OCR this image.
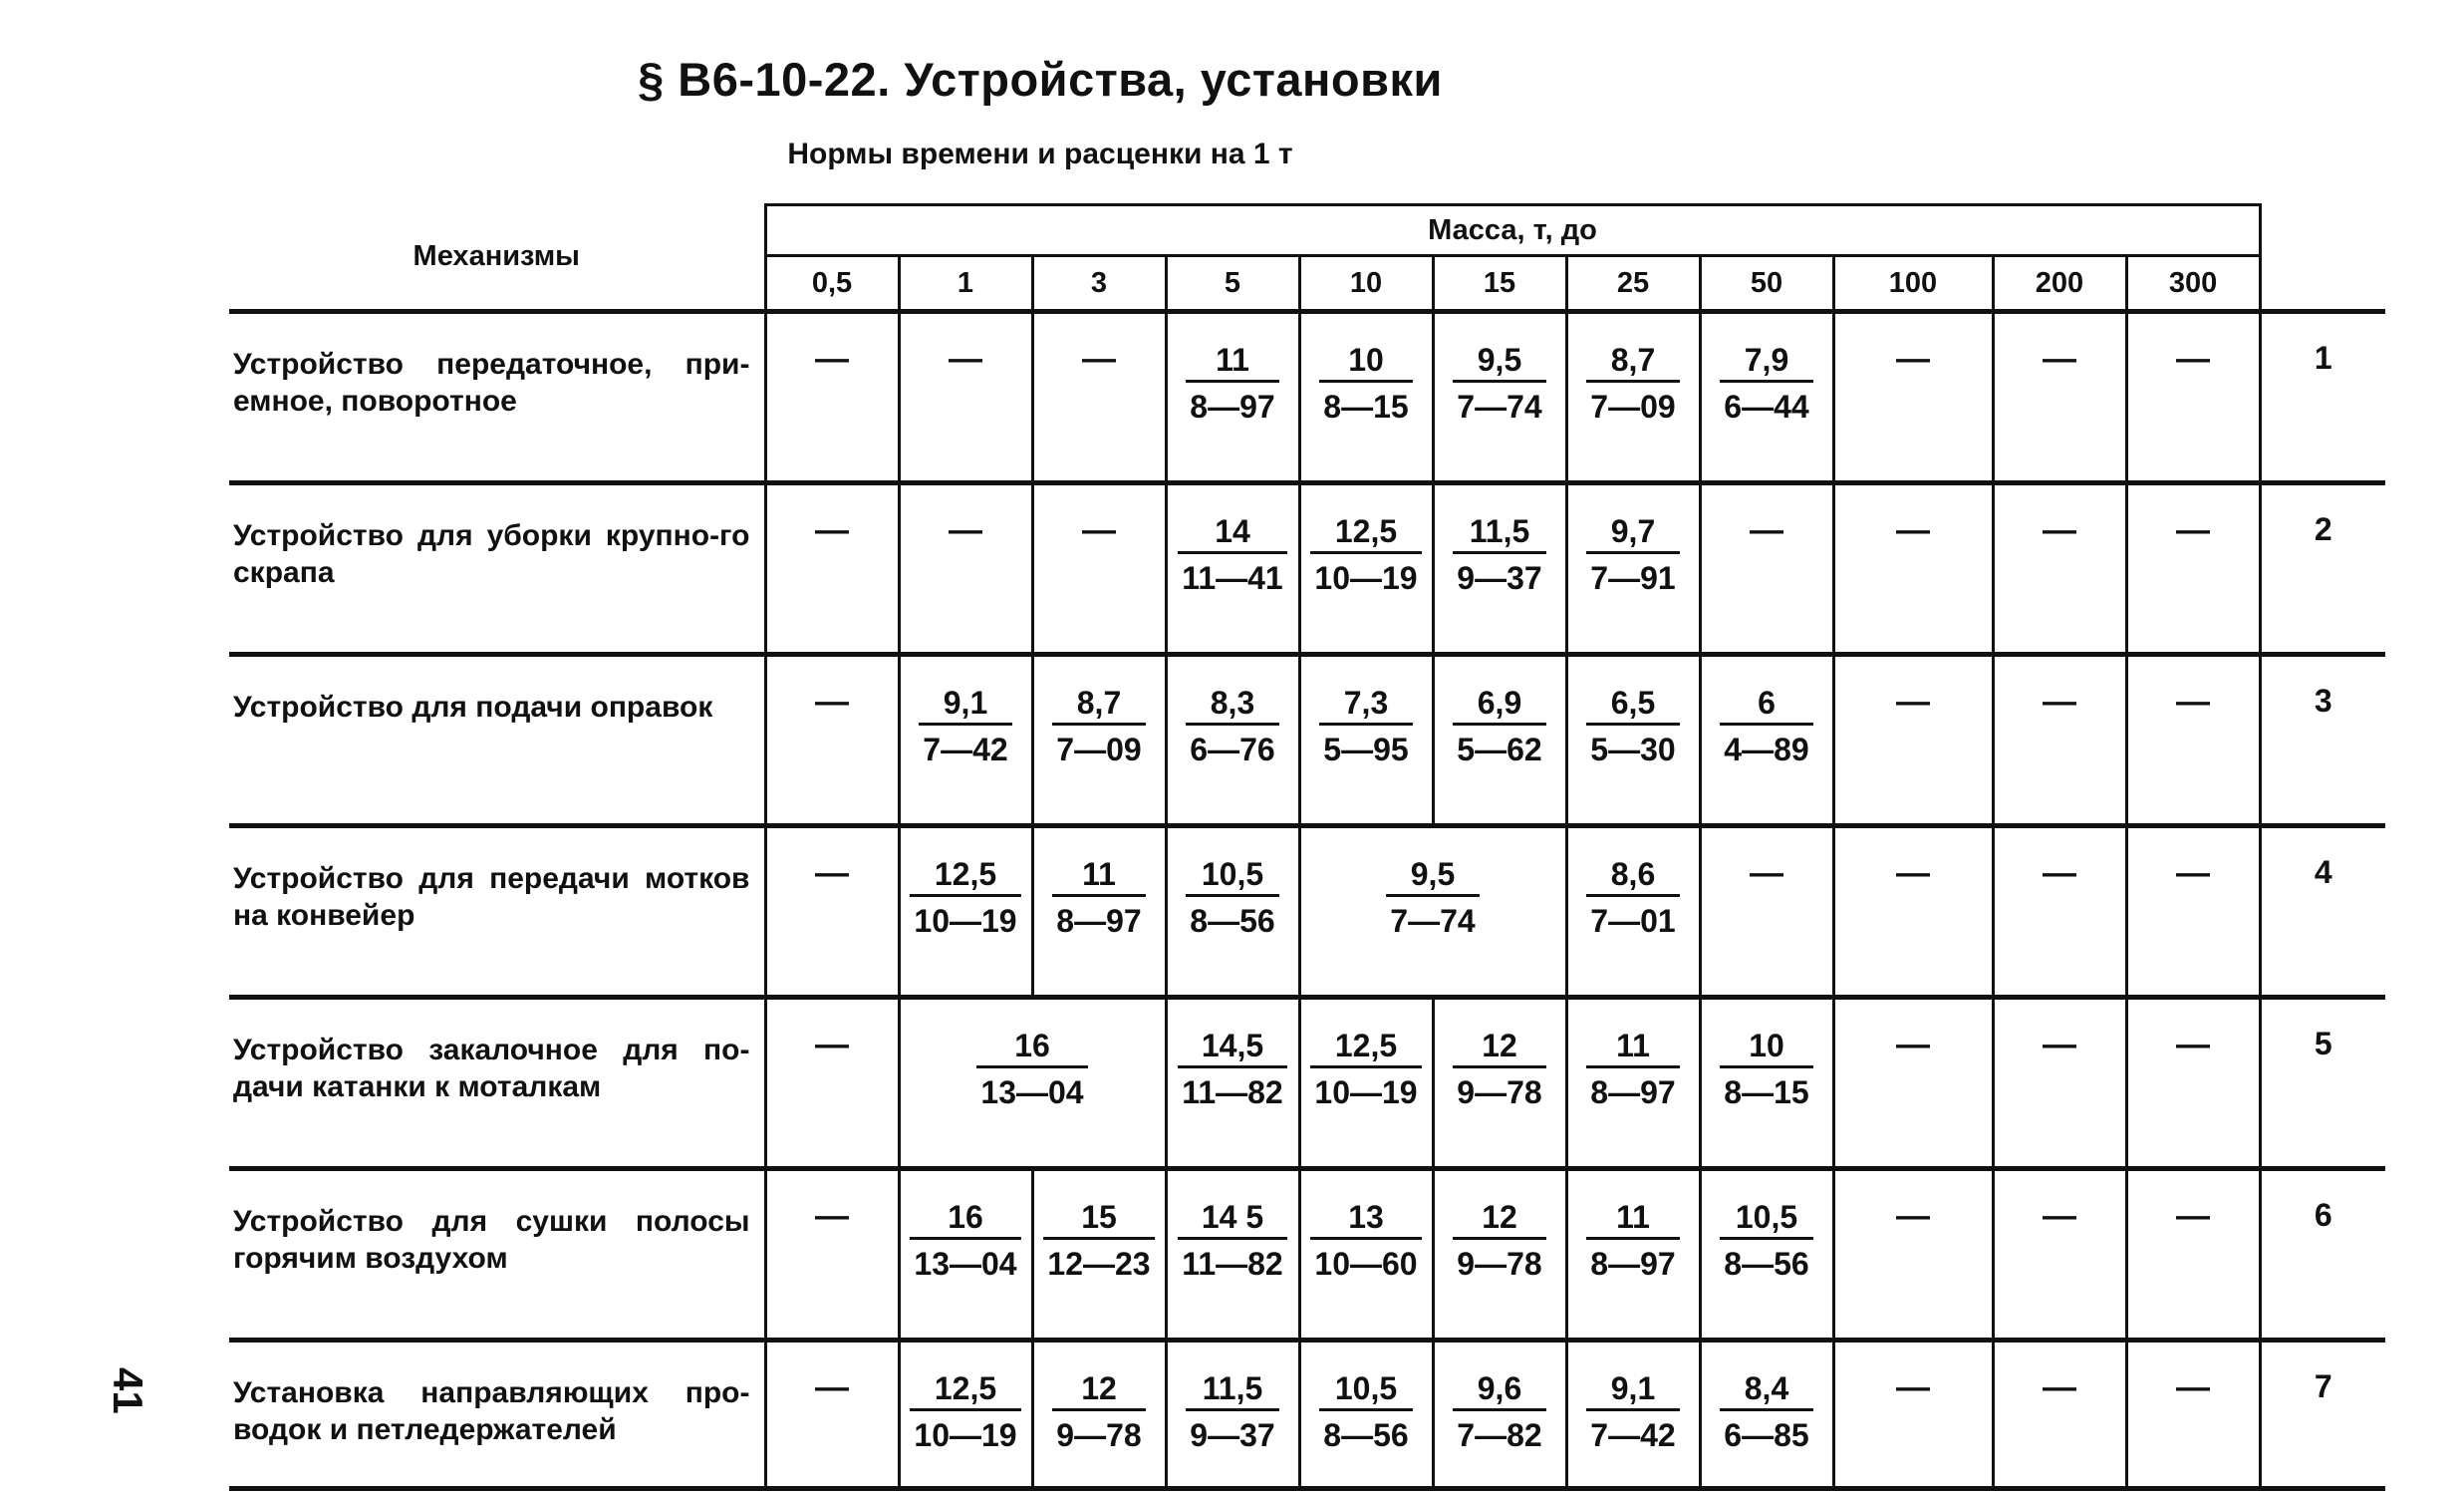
§ В6-10-22. Устройства, установки
Нормы времени и расценки на 1 т
41
Механизмы	Масса, т, до											
	0,5	1	3	5	10	15	25	50	100	200	300	
Устройство передаточное, при-емное, поворотное	—	—	—	$\frac{11}{8—97}$	$\frac{10}{8—15}$	$\frac{9,5}{7—74}$	$\frac{8,7}{7—09}$	$\frac{7,9}{6—44}$	—	—	—	1

Устройство для уборки крупно-го скрапа	—	—	—	$\frac{14}{11—41}$	$\frac{12,5}{10—19}$	$\frac{11,5}{9—37}$	$\frac{9,7}{7—91}$	—	—	—	—	2

Устройство для подачи оправок	—	$\frac{9,1}{7—42}$	$\frac{8,7}{7—09}$	$\frac{8,3}{6—76}$	$\frac{7,3}{5—95}$	$\frac{6,9}{5—62}$	$\frac{6,5}{5—30}$	$\frac{6}{4—89}$	—	—	—	3

Устройство для передачи мотков на конвейер	—	$\frac{12,5}{10—19}$	$\frac{11}{8—97}$	$\frac{10,5}{8—56}$	$\frac{9,5}{7—74}$		$\frac{8,6}{7—01}$	—	—	—	—	4

Устройство закалочное для по-дачи катанки к моталкам	—	$\frac{16}{13—04}$		$\frac{14,5}{11—82}$	$\frac{12,5}{10—19}$	$\frac{12}{9—78}$	$\frac{11}{8—97}$	$\frac{10}{8—15}$	—	—	—	5

Устройство для сушки полосы горячим воздухом	—	$\frac{16}{13—04}$	$\frac{15}{12—23}$	$\frac{14 5}{11—82}$	$\frac{13}{10—60}$	$\frac{12}{9—78}$	$\frac{11}{8—97}$	$\frac{10,5}{8—56}$	—	—	—	6

Установка направляющих про-водок и петледержателей	—	$\frac{12,5}{10—19}$	$\frac{12}{9—78}$	$\frac{11,5}{9—37}$	$\frac{10,5}{8—56}$	$\frac{9,6}{7—82}$	$\frac{9,1}{7—42}$	$\frac{8,4}{6—85}$	—	—	—	7
